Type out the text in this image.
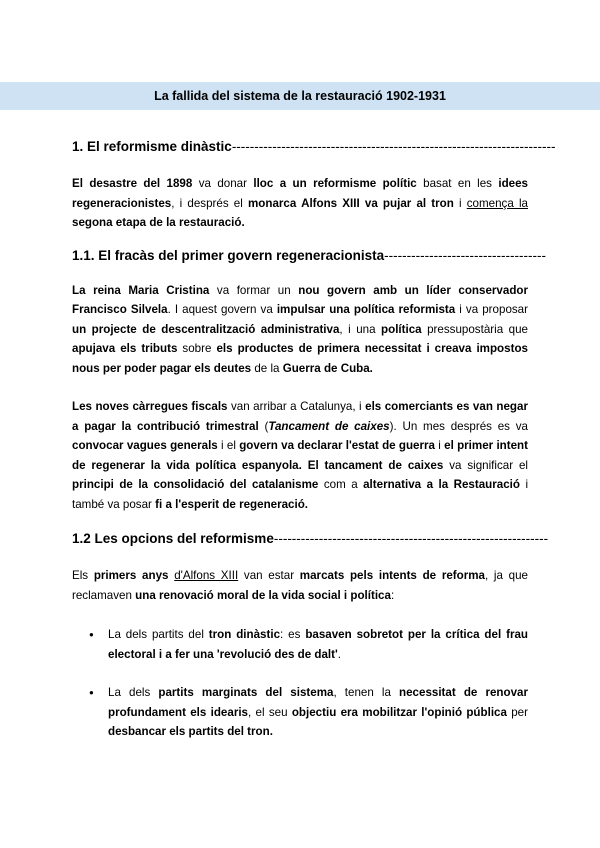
La fallida del sistema de la restauració 1902-1931
1. El reformisme dinàstic------------------------------------------------------------------------

El desastre del 1898 va donar lloc a un reformisme polític basat en les idees regeneracionistes, i després el monarca Alfons XIII va pujar al tron i comença la segona etapa de la restauració.

1.1. El fracàs del primer govern regeneracionista------------------------------------

La reina Maria Cristina va formar un nou govern amb un líder conservador Francisco Silvela. I aquest govern va impulsar una política reformista i va proposar un projecte de descentralització administrativa, i una política pressupostària que apujava els tributs sobre els productes de primera necessitat i creava impostos nous per poder pagar els deutes de la Guerra de Cuba.

Les noves càrregues fiscals van arribar a Catalunya, i els comerciants es van negar a pagar la contribució trimestral (Tancament de caixes). Un mes després es va convocar vagues generals i el govern va declarar l'estat de guerra i el primer intent de regenerar la vida política espanyola. El tancament de caixes va significar el principi de la consolidació del catalanisme com a alternativa a la Restauració i també va posar fi a l'esperit de regeneració.

1.2 Les opcions del reformisme-------------------------------------------------------------

Els primers anys d'Alfons XIII van estar marcats pels intents de reforma, ja que reclamaven una renovació moral de la vida social i política:

● La dels partits del tron dinàstic: es basaven sobretot per la crítica del frau electoral i a fer una 'revolució des de dalt'.
● La dels partits marginats del sistema, tenen la necessitat de renovar profundament els idearis, el seu objectiu era mobilitzar l'opinió pública per desbancar els partits del tron.
